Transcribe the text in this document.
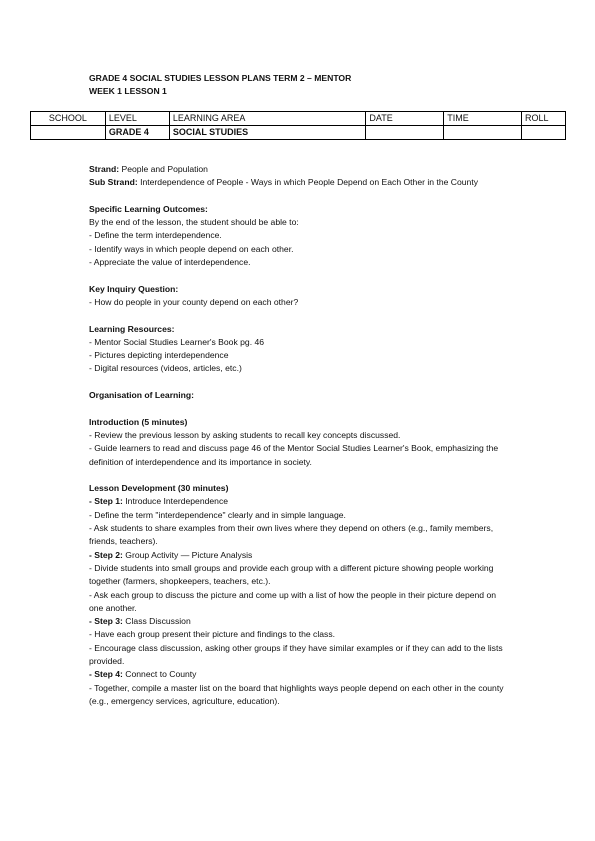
GRADE 4 SOCIAL STUDIES LESSON PLANS TERM 2 – MENTOR
WEEK 1 LESSON 1
SCHOOL	LEVEL	LEARNING AREA	DATE	TIME	ROLL
	GRADE 4	SOCIAL STUDIES			

Strand: People and Population

Sub Strand: Interdependence of People - Ways in which People Depend on Each Other in the County

Specific Learning Outcomes:

By the end of the lesson, the student should be able to:

- Define the term interdependence.

- Identify ways in which people depend on each other.

- Appreciate the value of interdependence.

Key Inquiry Question:

- How do people in your county depend on each other?

Learning Resources:

- Mentor Social Studies Learner's Book pg. 46

- Pictures depicting interdependence

- Digital resources (videos, articles, etc.)

Organisation of Learning:

Introduction (5 minutes)

- Review the previous lesson by asking students to recall key concepts discussed.

- Guide learners to read and discuss page 46 of the Mentor Social Studies Learner's Book, emphasizing the definition of interdependence and its importance in society.

Lesson Development (30 minutes)

- Step 1: Introduce Interdependence

- Define the term "interdependence" clearly and in simple language.

- Ask students to share examples from their own lives where they depend on others (e.g., family members, friends, teachers).

- Step 2: Group Activity — Picture Analysis

- Divide students into small groups and provide each group with a different picture showing people working together (farmers, shopkeepers, teachers, etc.).

- Ask each group to discuss the picture and come up with a list of how the people in their picture depend on one another.

- Step 3: Class Discussion

- Have each group present their picture and findings to the class.

- Encourage class discussion, asking other groups if they have similar examples or if they can add to the lists provided.

- Step 4: Connect to County

- Together, compile a master list on the board that highlights ways people depend on each other in the county (e.g., emergency services, agriculture, education).
